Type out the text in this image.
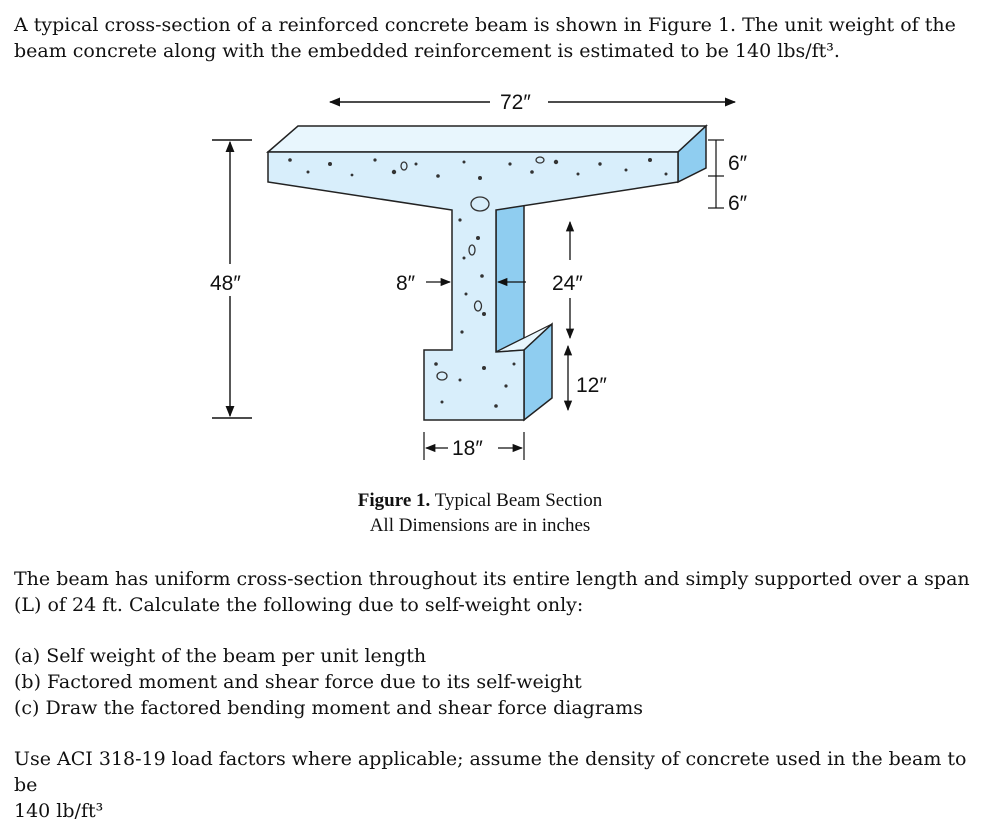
A typical cross-section of a reinforced concrete beam is shown in Figure 1. The unit weight of the
beam concrete along with the embedded reinforcement is estimated to be 140 lbs/ft³.

72″
48″
6″
6″
8″	24″
12″
18″
Figure 1. Typical Beam Section
All Dimensions are in inches

The beam has uniform cross-section throughout its entire length and simply supported over a span
(L) of 24 ft. Calculate the following due to self-weight only:

(a) Self weight of the beam per unit length
(b) Factored moment and shear force due to its self-weight
(c) Draw the factored bending moment and shear force diagrams

Use ACI 318-19 load factors where applicable; assume the density of concrete used in the beam to be
140 lb/ft³
